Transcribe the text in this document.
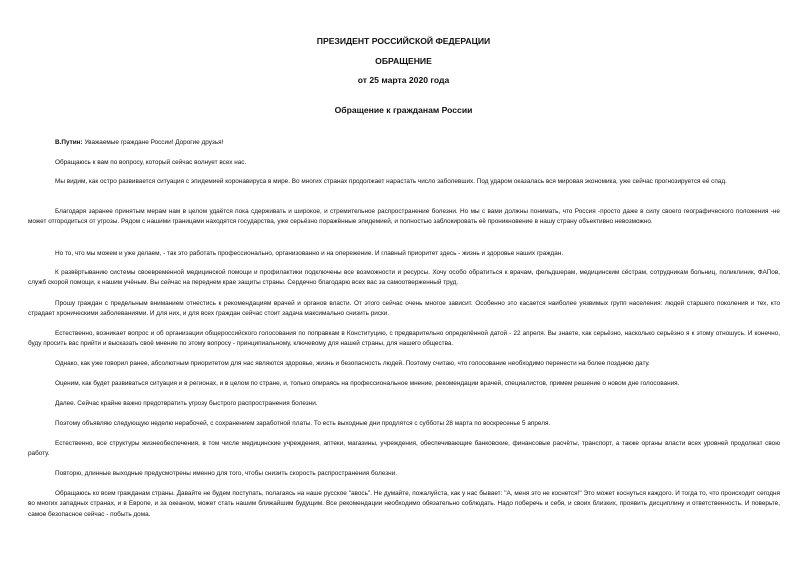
ПРЕЗИДЕНТ РОССИЙСКОЙ ФЕДЕРАЦИИ
ОБРАЩЕНИЕ
от 25 марта 2020 года
Обращение к гражданам России

В.Путин: Уважаемые граждане России! Дорогие друзья!

Обращаюсь к вам по вопросу, который сейчас волнует всех нас.

Мы видим, как остро развивается ситуация с эпидемией коронавируса в мире. Во многих странах продолжает нарастать число заболевших. Под ударом оказалась вся мировая экономика, уже сейчас прогнозируется её спад.

Благодаря заранее принятым мерам нам в целом удаётся пока сдерживать и широкое, и стремительное распространение болезни. Но мы с вами должны понимать, что Россия -просто даже в силу своего географического положения -не может отгородиться от угрозы. Рядом с нашими границами находятся государства, уже серьёзно поражённые эпидемией, и полностью заблокировать её проникновение в нашу страну объективно невозможно.

Но то, что мы можем и уже делаем, - так это работать профессионально, организованно и на опережение. И главный приоритет здесь - жизнь и здоровье наших граждан.

К развёртыванию системы своевременной медицинской помощи и профилактики подключены все возможности и ресурсы. Хочу особо обратиться к врачам, фельдшерам, медицинским сёстрам, сотрудникам больниц, поликлиник, ФАПов, служб скорой помощи, к нашим учёным. Вы сейчас на переднем крае защиты страны. Сердечно благодарю всех вас за самоотверженный труд.

Прошу граждан с предельным вниманием отнестись к рекомендациям врачей и органов власти. От этого сейчас очень многое зависит. Особенно это касается наиболее уязвимых групп населения: людей старшего поколения и тех, кто страдает хроническими заболеваниями. И для них, и для всех граждан сейчас стоит задача максимально снизить риски.

Естественно, возникает вопрос и об организации общероссийского голосования по поправкам в Конституцию, с предварительно определённой датой - 22 апреля. Вы знаете, как серьёзно, насколько серьёзно я к этому отношусь. И конечно, буду просить вас прийти и высказать своё мнение по этому вопросу - принципиальному, ключевому для нашей страны, для нашего общества.

Однако, как уже говорил ранее, абсолютным приоритетом для нас являются здоровье, жизнь и безопасность людей. Поэтому считаю, что голосование необходимо перенести на более позднюю дату.

Оценим, как будет развиваться ситуация и в регионах, и в целом по стране, и, только опираясь на профессиональное мнение, рекомендации врачей, специалистов, примем решение о новом дне голосования.

Далее. Сейчас крайне важно предотвратить угрозу быстрого распространения болезни.

Поэтому объявляю следующую неделю нерабочей, с сохранением заработной платы. То есть выходные дни продлятся с субботы 28 марта по воскресенье 5 апреля.

Естественно, все структуры жизнеобеспечения, в том числе медицинские учреждения, аптеки, магазины, учреждения, обеспечивающие банковские, финансовые расчёты, транспорт, а также органы власти всех уровней продолжат свою работу.

Повторю, длинные выходные предусмотрены именно для того, чтобы снизить скорость распространения болезни.

Обращаюсь ко всем гражданам страны. Давайте не будем поступать, полагаясь на наше русское "авось". Не думайте, пожалуйста, как у нас бывает: "А, меня это не коснется!" Это может коснуться каждого. И тогда то, что происходит сегодня во многих западных странах, и в Европе, и за океаном, может стать нашим ближайшим будущим. Все рекомендации необходимо обязательно соблюдать. Надо поберечь и себя, и своих близких, проявить дисциплину и ответственность. И поверьте, самое безопасное сейчас - побыть дома.
